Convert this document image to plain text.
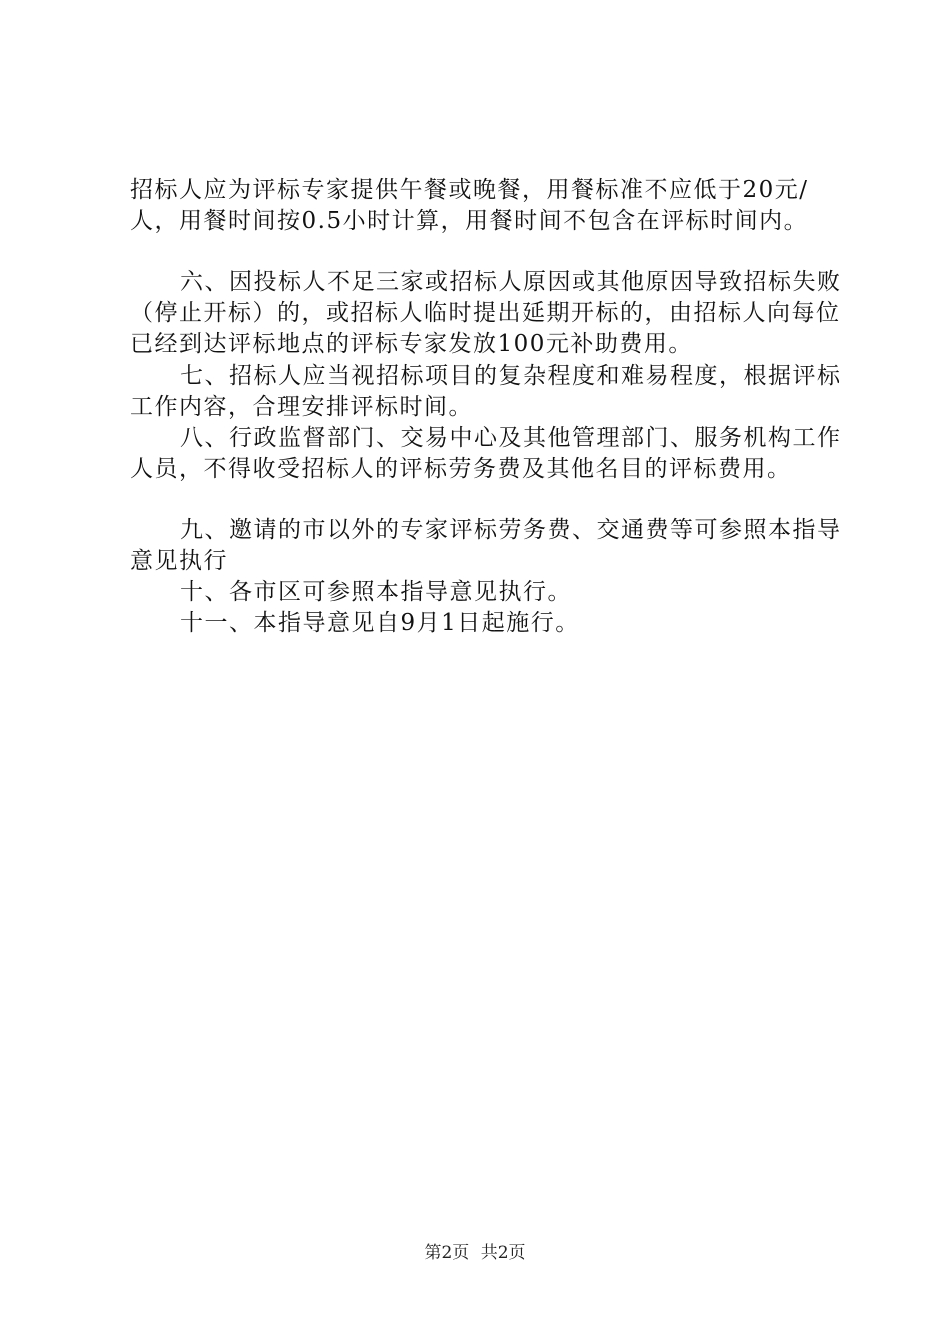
招标人应为评标专家提供午餐或晚餐，用餐标准不应低于20元/人，用餐时间按0.5小时计算，用餐时间不包含在评标时间内。

六、因投标人不足三家或招标人原因或其他原因导致招标失败（停止开标）的，或招标人临时提出延期开标的，由招标人向每位已经到达评标地点的评标专家发放100元补助费用。

七、招标人应当视招标项目的复杂程度和难易程度，根据评标工作内容，合理安排评标时间。

八、行政监督部门、交易中心及其他管理部门、服务机构工作人员，不得收受招标人的评标劳务费及其他名目的评标费用。

九、邀请的市以外的专家评标劳务费、交通费等可参照本指导意见执行

十、各市区可参照本指导意见执行。

十一、本指导意见自9月1日起施行。

第2页 共2页
